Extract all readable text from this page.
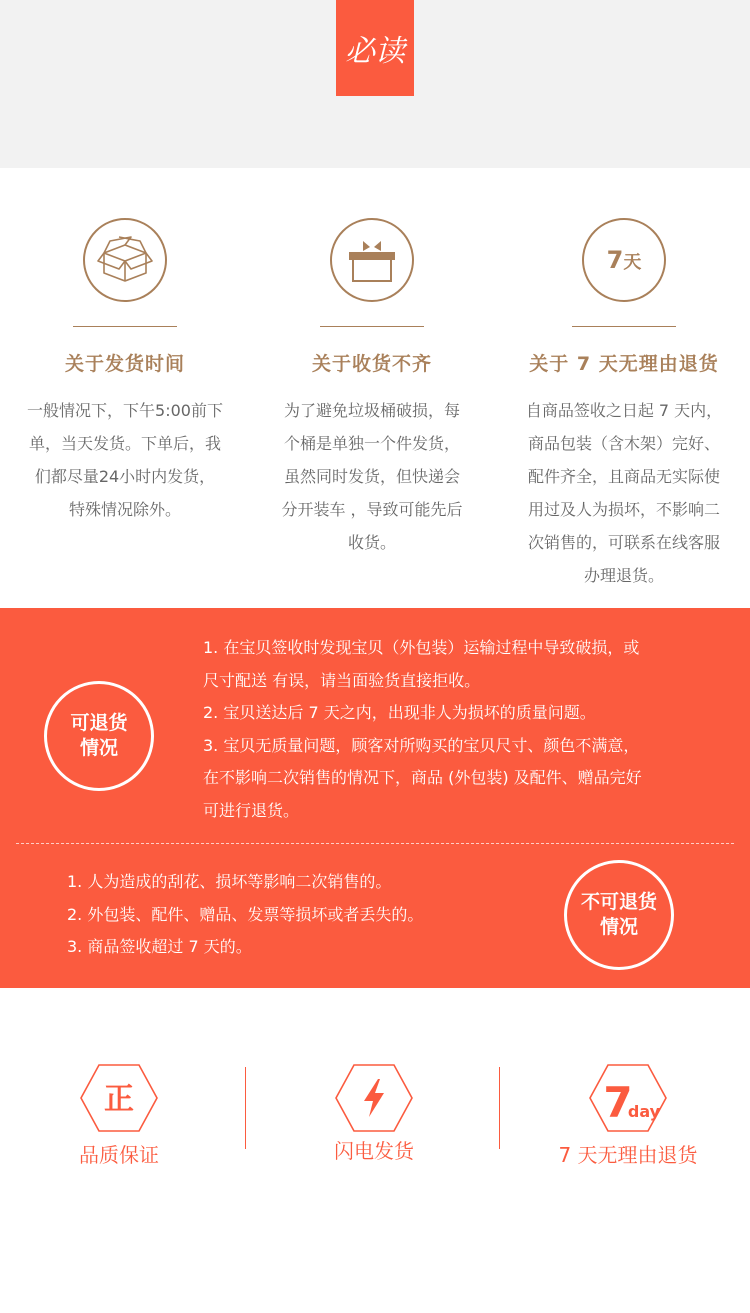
必读
关于发货时间
一般情况下，下午5:00前下
单，当天发货。下单后，我
们都尽量24小时内发货，
特殊情况除外。
关于收货不齐
为了避免垃圾桶破损，每
个桶是单独一个件发货，
虽然同时发货，但快递会
分开装车 ，导致可能先后
收货。
7天
关于 7 天无理由退货
自商品签收之日起 7 天内，
商品包装（含木架）完好、
配件齐全，且商品无实际使
用过及人为损坏，不影响二
次销售的，可联系在线客服
办理退货。
可退货
情况
1. 在宝贝签收时发现宝贝（外包装）运输过程中导致破损，或
尺寸配送 有误，请当面验货直接拒收。
2. 宝贝送达后 7 天之内，出现非人为损坏的质量问题。
3. 宝贝无质量问题，顾客对所购买的宝贝尺寸、颜色不满意，
在不影响二次销售的情况下，商品 (外包装) 及配件、赠品完好
可进行退货。
1. 人为造成的刮花、损坏等影响二次销售的。
2. 外包装、配件、赠品、发票等损坏或者丢失的。
3. 商品签收超过 7 天的。
不可退货
情况
正
品质保证	闪电发货
7
day
7 天无理由退货
